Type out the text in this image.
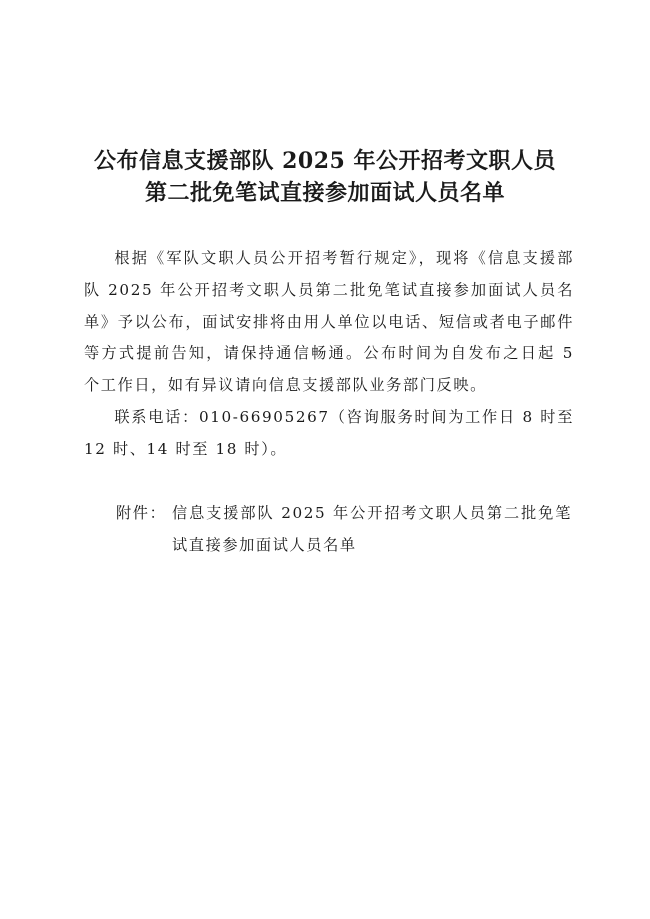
公布信息支援部队 2025 年公开招考文职人员
第二批免笔试直接参加面试人员名单

根据《军队文职人员公开招考暂行规定》，现将《信息支援部队 2025 年公开招考文职人员第二批免笔试直接参加面试人员名单》予以公布，面试安排将由用人单位以电话、短信或者电子邮件等方式提前告知，请保持通信畅通。公布时间为自发布之日起 5 个工作日，如有异议请向信息支援部队业务部门反映。

联系电话：010-66905267（咨询服务时间为工作日 8 时至 12 时、14 时至 18 时）。

附件： 信息支援部队 2025 年公开招考文职人员第二批免笔试直接参加面试人员名单
